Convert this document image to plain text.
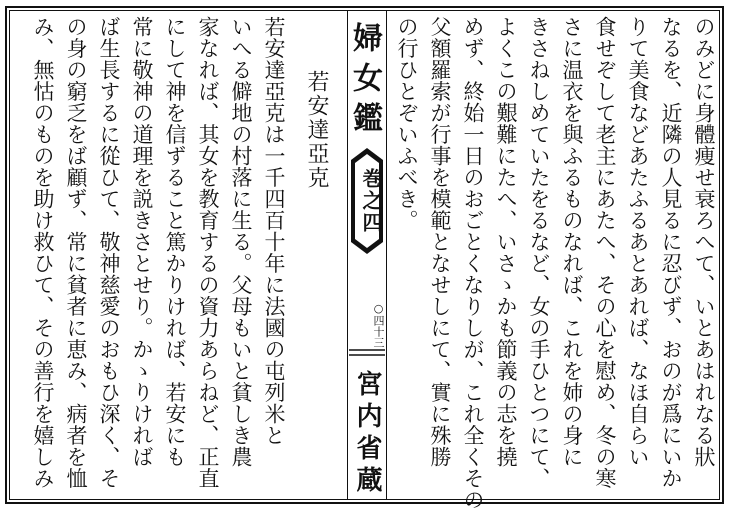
のみどに身體痩せ衰ろへて、いとあはれなる狀
なるを、近隣の人見るに忍びず、おのが爲にいか
りて美食などあたふるあとあれば、なほ自らい
食せぞして老主にあたへ、その心を慰め、冬の寒
さに温衣を與ふるものなれば、これを姉の身に
きさねしめていたをるなど、女の手ひとつにて、
よくこの艱難にたへ、いさゝかも節義の志を撓
めず、終始一日のおごとくなりしが、これ全くその
父額羅索が行事を模範となせしにて、實に殊勝
の行ひとぞいふべき。
婦女鑑
巻之四
○四十三
宮内省蔵
若安達亞克
若安達亞克は一千四百十年に法國の屯列米と
いへる僻地の村落に生る。父母もいと貧しき農
家なれば、其女を教育するの資力あらねど、正直
にして神を信ずること篤かりければ、若安にも
常に敬神の道理を説きさとせり。かゝりければ
ば生長するに從ひて、敬神慈愛のおもひ深く、そ
の身の窮乏をば顧ず、常に貧者に恵み、病者を恤
み、無怙のものを助け救ひて、その善行を嬉しみ
